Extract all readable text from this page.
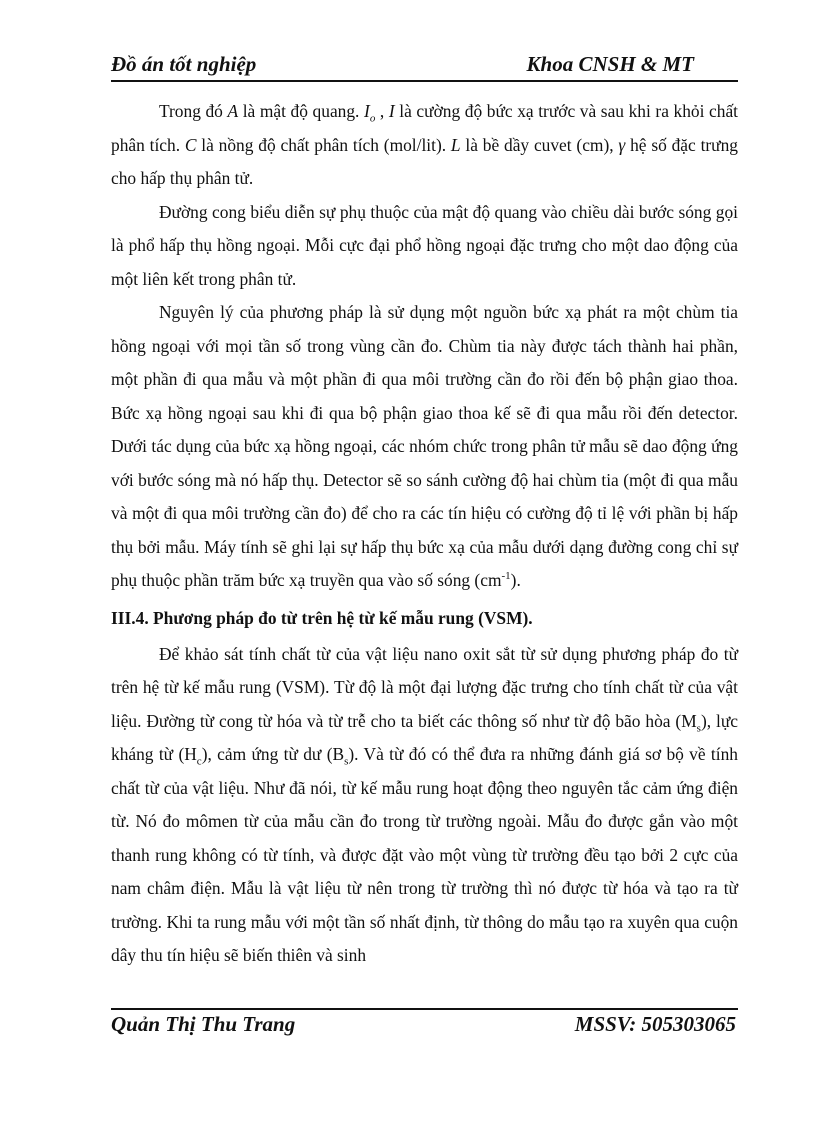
Đồ án tốt nghiệp	Khoa CNSH & MT

Trong đó A là mật độ quang. $I_o$ , I là cường độ bức xạ trước và sau khi ra khỏi chất phân tích. C là nồng độ chất phân tích (mol/lit). L là bề dầy cuvet (cm), γ hệ số đặc trưng cho hấp thụ phân tử.

Đường cong biểu diễn sự phụ thuộc của mật độ quang vào chiều dài bước sóng gọi là phổ hấp thụ hồng ngoại. Mỗi cực đại phổ hồng ngoại đặc trưng cho một dao động của một liên kết trong phân tử.

Nguyên lý của phương pháp là sử dụng một nguồn bức xạ phát ra một chùm tia hồng ngoại với mọi tần số trong vùng cần đo. Chùm tia này được tách thành hai phần, một phần đi qua mẫu và một phần đi qua môi trường cần đo rồi đến bộ phận giao thoa. Bức xạ hồng ngoại sau khi đi qua bộ phận giao thoa kế sẽ đi qua mẫu rồi đến detector. Dưới tác dụng của bức xạ hồng ngoại, các nhóm chức trong phân tử mẫu sẽ dao động ứng với bước sóng mà nó hấp thụ. Detector sẽ so sánh cường độ hai chùm tia (một đi qua mẫu và một đi qua môi trường cần đo) để cho ra các tín hiệu có cường độ tỉ lệ với phần bị hấp thụ bởi mẫu. Máy tính sẽ ghi lại sự hấp thụ bức xạ của mẫu dưới dạng đường cong chỉ sự phụ thuộc phần trăm bức xạ truyền qua vào số sóng $(cm^{-1})$.

III.4. Phương pháp đo từ trên hệ từ kế mẫu rung (VSM).

Để khảo sát tính chất từ của vật liệu nano oxit sắt từ sử dụng phương pháp đo từ trên hệ từ kế mẫu rung (VSM). Từ độ là một đại lượng đặc trưng cho tính chất từ của vật liệu. Đường từ cong từ hóa và từ trễ cho ta biết các thông số như từ độ bão hòa $(M_s)$, lực kháng từ $(H_c)$, cảm ứng từ dư $(B_s)$. Và từ đó có thể đưa ra những đánh giá sơ bộ về tính chất từ của vật liệu. Như đã nói, từ kế mẫu rung hoạt động theo nguyên tắc cảm ứng điện từ. Nó đo mômen từ của mẫu cần đo trong từ trường ngoài. Mẫu đo được gắn vào một thanh rung không có từ tính, và được đặt vào một vùng từ trường đều tạo bởi 2 cực của nam châm điện. Mẫu là vật liệu từ nên trong từ trường thì nó được từ hóa và tạo ra từ trường. Khi ta rung mẫu với một tần số nhất định, từ thông do mẫu tạo ra xuyên qua cuộn dây thu tín hiệu sẽ biến thiên và sinh

Quản Thị Thu Trang	MSSV: 505303065
